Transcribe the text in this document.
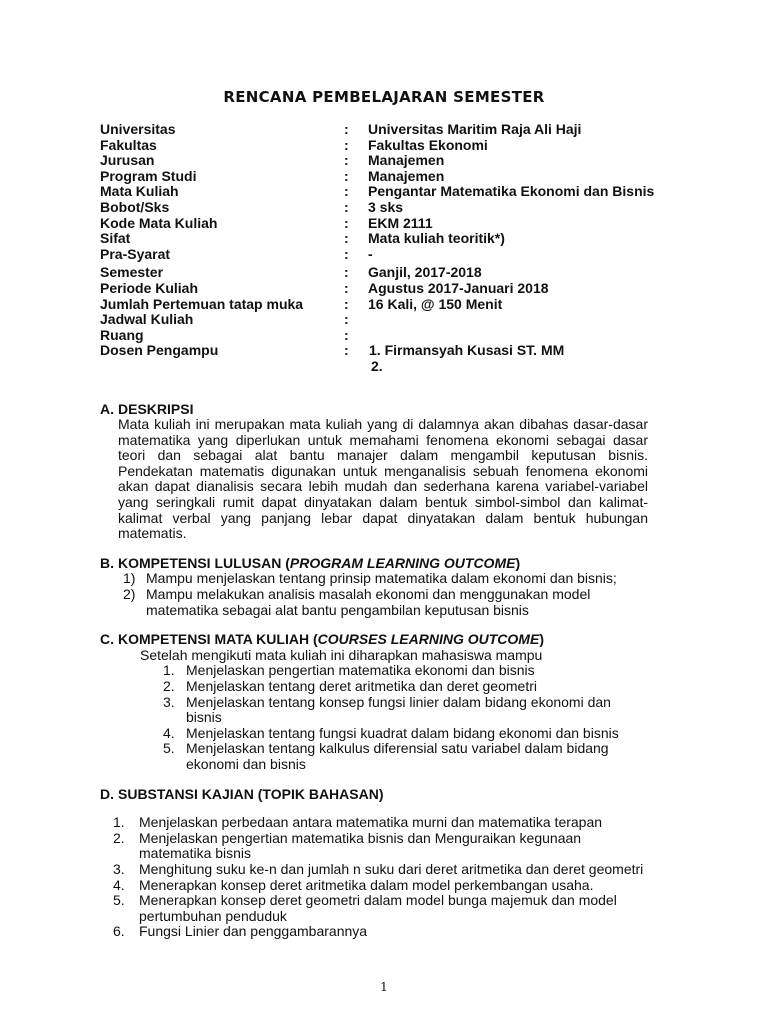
RENCANA PEMBELAJARAN SEMESTER
Universitas	: Universitas Maritim Raja Ali Haji
Fakultas	: Fakultas Ekonomi
Jurusan	: Manajemen
Program Studi	: Manajemen
Mata Kuliah	: Pengantar Matematika Ekonomi dan Bisnis
Bobot/Sks	: 3 sks
Kode Mata Kuliah	: EKM 2111
Sifat	: Mata kuliah teoritik*)
Pra-Syarat	: -
Semester	: Ganjil, 2017-2018
Periode Kuliah	: Agustus 2017-Januari 2018
Jumlah Pertemuan tatap muka	: 16 Kali, @ 150 Menit
Jadwal Kuliah	:
Ruang	:
Dosen Pengampu	: 1. Firmansyah Kusasi ST. MM
2.
A. DESKRIPSI
Mata kuliah ini merupakan mata kuliah yang di dalamnya akan dibahas dasar-dasar matematika yang diperlukan untuk memahami fenomena ekonomi sebagai dasar teori dan sebagai alat bantu manajer dalam mengambil keputusan bisnis. Pendekatan matematis digunakan untuk menganalisis sebuah fenomena ekonomi akan dapat dianalisis secara lebih mudah dan sederhana karena variabel-variabel yang seringkali rumit dapat dinyatakan dalam bentuk simbol-simbol dan kalimat-kalimat verbal yang panjang lebar dapat dinyatakan dalam bentuk hubungan matematis.
B. KOMPETENSI LULUSAN (PROGRAM LEARNING OUTCOME)
1) Mampu menjelaskan tentang prinsip matematika dalam ekonomi dan bisnis;
2) Mampu melakukan analisis masalah ekonomi dan menggunakan model matematika sebagai alat bantu pengambilan keputusan bisnis
C. KOMPETENSI MATA KULIAH (COURSES LEARNING OUTCOME)
Setelah mengikuti mata kuliah ini diharapkan mahasiswa mampu
1. Menjelaskan pengertian matematika ekonomi dan bisnis
2. Menjelaskan tentang deret aritmetika dan deret geometri
3. Menjelaskan tentang konsep fungsi linier dalam bidang ekonomi dan bisnis
4. Menjelaskan tentang fungsi kuadrat dalam bidang ekonomi dan bisnis
5. Menjelaskan tentang kalkulus diferensial satu variabel dalam bidang ekonomi dan bisnis
D. SUBSTANSI KAJIAN (TOPIK BAHASAN)
1. Menjelaskan perbedaan antara matematika murni dan matematika terapan
2. Menjelaskan pengertian matematika bisnis dan Menguraikan kegunaan matematika bisnis
3. Menghitung suku ke-n dan jumlah n suku dari deret aritmetika dan deret geometri
4. Menerapkan konsep deret aritmetika dalam model perkembangan usaha.
5. Menerapkan konsep deret geometri dalam model bunga majemuk dan model pertumbuhan penduduk
6. Fungsi Linier dan penggambarannya
1
